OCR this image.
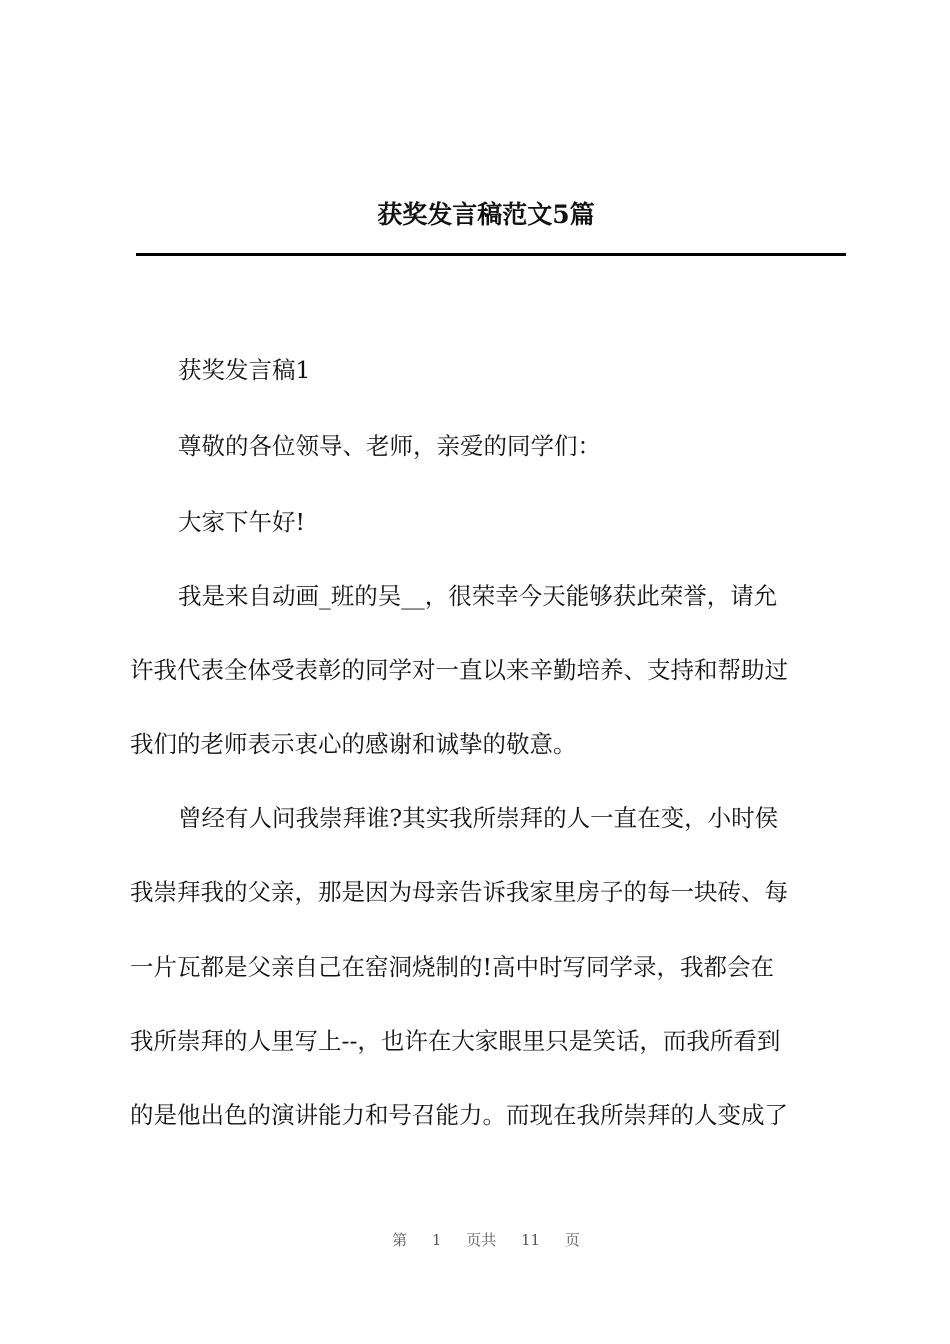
获奖发言稿范文5篇
获奖发言稿1
尊敬的各位领导、老师，亲爱的同学们：
大家下午好!
我是来自动画_班的吴__，很荣幸今天能够获此荣誉，请允
许我代表全体受表彰的同学对一直以来辛勤培养、支持和帮助过
我们的老师表示衷心的感谢和诚挚的敬意。
曾经有人问我崇拜谁?其实我所崇拜的人一直在变，小时侯
我崇拜我的父亲，那是因为母亲告诉我家里房子的每一块砖、每
一片瓦都是父亲自己在窑洞烧制的!高中时写同学录，我都会在
我所崇拜的人里写上--，也许在大家眼里只是笑话，而我所看到
的是他出色的演讲能力和号召能力。而现在我所崇拜的人变成了
第 1 页共 11 页
